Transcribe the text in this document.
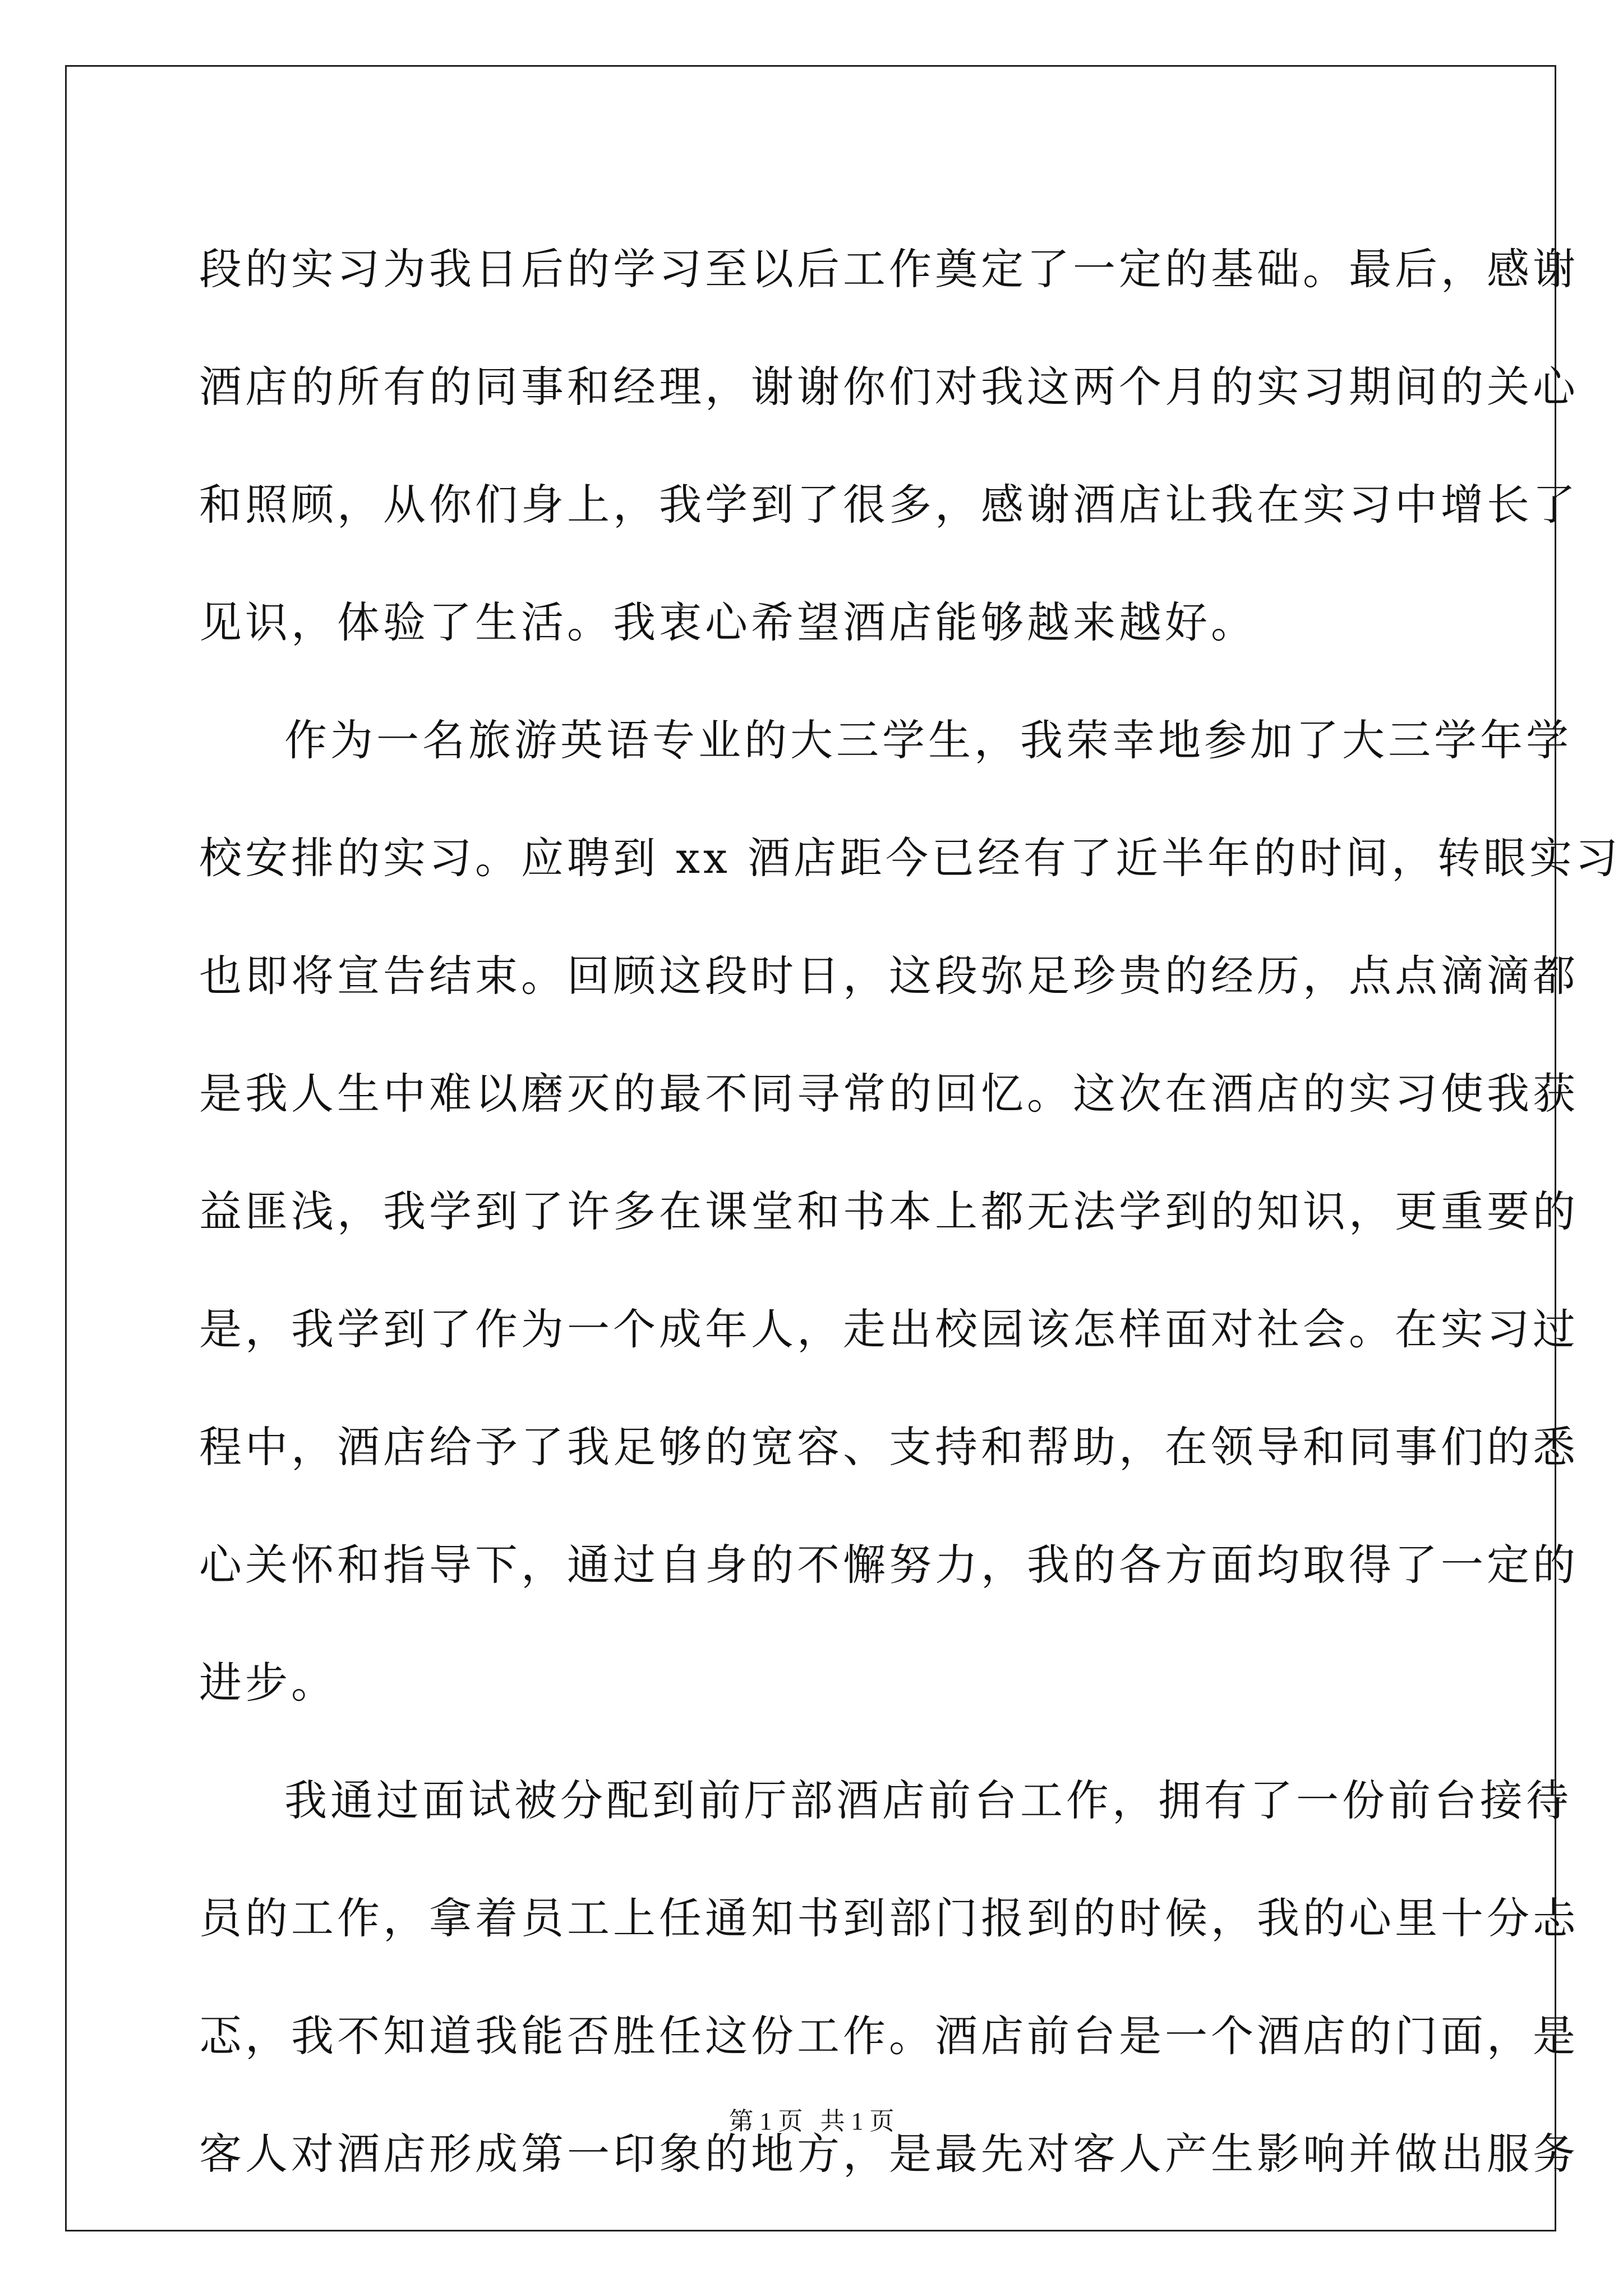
段的实习为我日后的学习至以后工作奠定了一定的基础。最后，感谢
酒店的所有的同事和经理，谢谢你们对我这两个月的实习期间的关心
和照顾，从你们身上，我学到了很多，感谢酒店让我在实习中增长了
见识，体验了生活。我衷心希望酒店能够越来越好。
作为一名旅游英语专业的大三学生，我荣幸地参加了大三学年学
校安排的实习。应聘到 xx 酒店距今已经有了近半年的时间，转眼实习
也即将宣告结束。回顾这段时日，这段弥足珍贵的经历，点点滴滴都
是我人生中难以磨灭的最不同寻常的回忆。这次在酒店的实习使我获
益匪浅，我学到了许多在课堂和书本上都无法学到的知识，更重要的
是，我学到了作为一个成年人，走出校园该怎样面对社会。在实习过
程中，酒店给予了我足够的宽容、支持和帮助，在领导和同事们的悉
心关怀和指导下，通过自身的不懈努力，我的各方面均取得了一定的
进步。
我通过面试被分配到前厅部酒店前台工作，拥有了一份前台接待
员的工作，拿着员工上任通知书到部门报到的时候，我的心里十分忐
忑，我不知道我能否胜任这份工作。酒店前台是一个酒店的门面，是
客人对酒店形成第一印象的地方，是最先对客人产生影响并做出服务
第 1 页 共 1 页
